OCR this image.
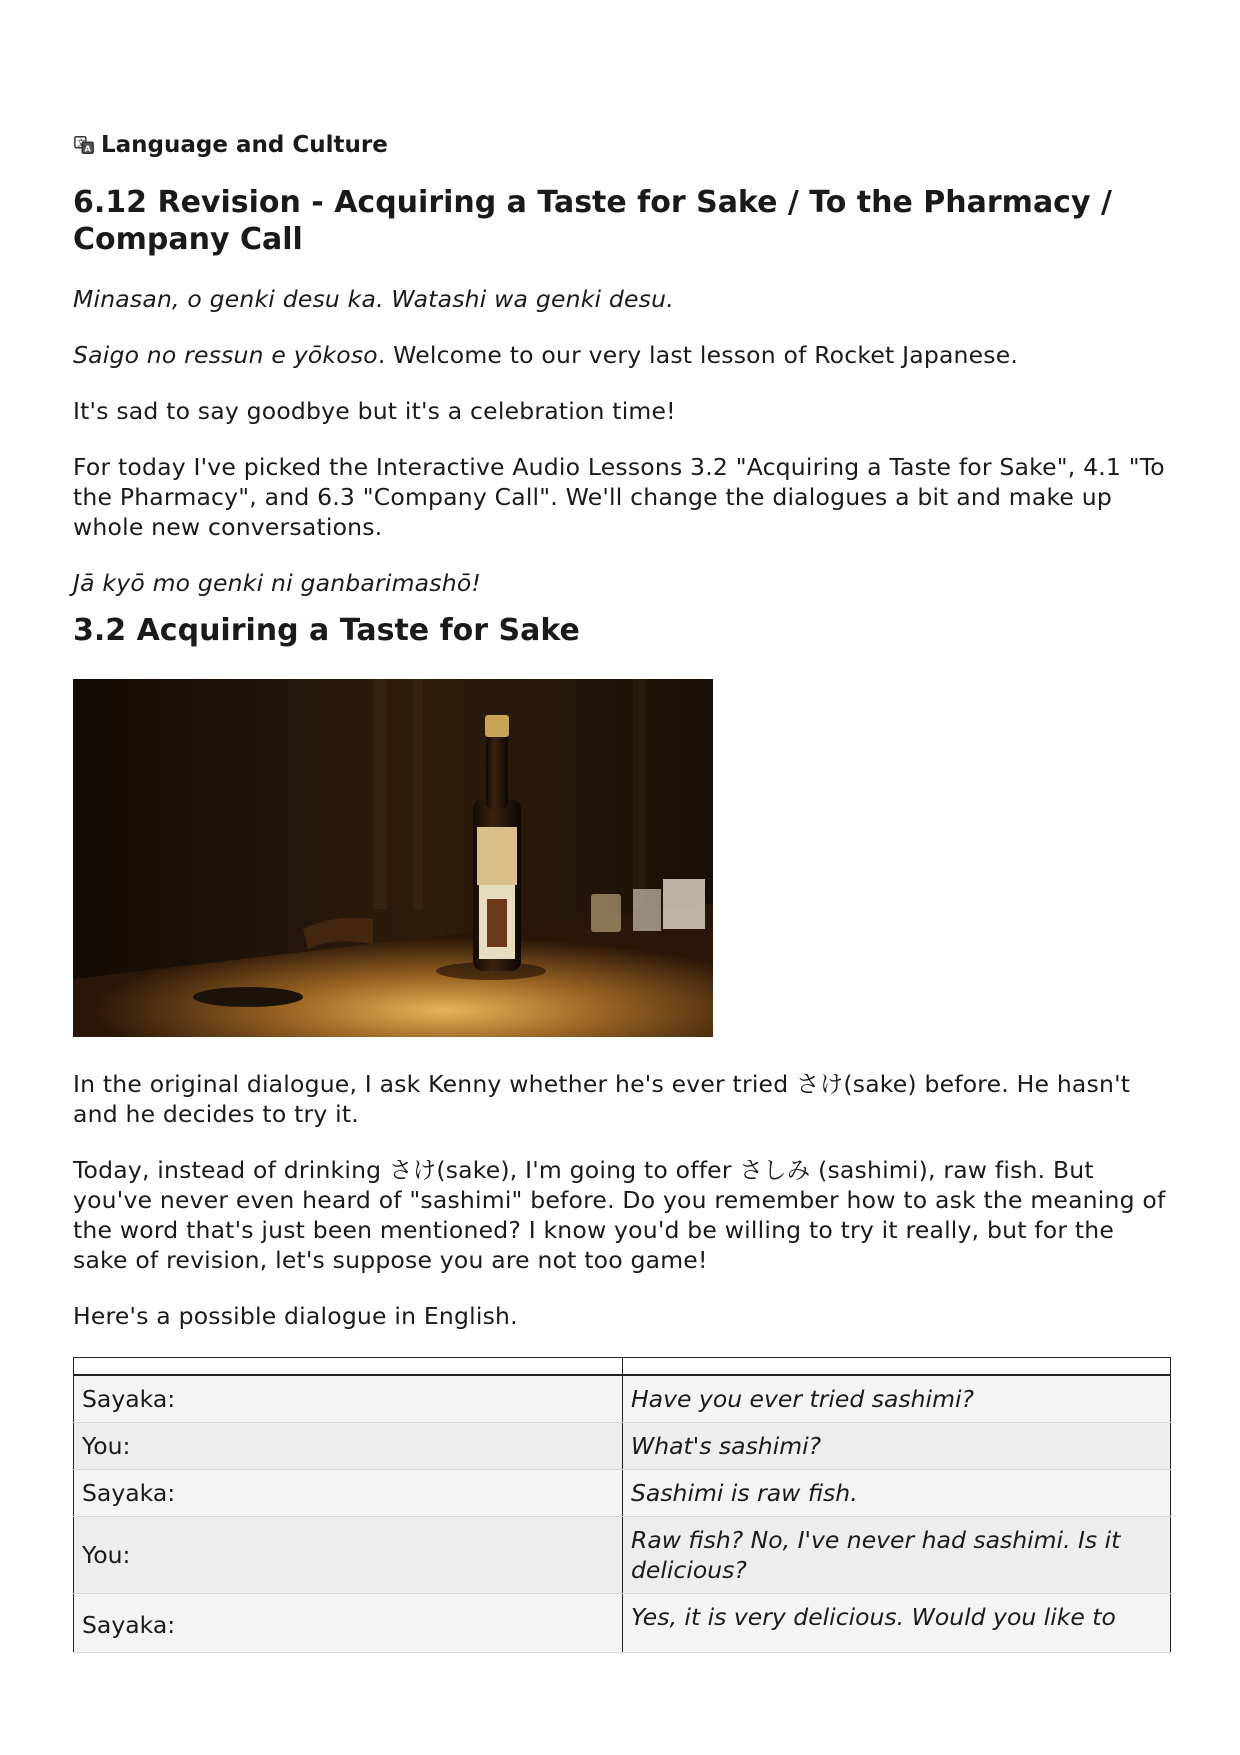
文
A Language and Culture
6.12 Revision - Acquiring a Taste for Sake / To the Pharmacy / Company Call

Minasan, o genki desu ka. Watashi wa genki desu.

Saigo no ressun e yōkoso. Welcome to our very last lesson of Rocket Japanese.

It's sad to say goodbye but it's a celebration time!

For today I've picked the Interactive Audio Lessons 3.2 "Acquiring a Taste for Sake", 4.1 "To the Pharmacy", and 6.3 "Company Call". We'll change the dialogues a bit and make up whole new conversations.

Jā kyō mo genki ni ganbarimashō!

3.2 Acquiring a Taste for Sake

In the original dialogue, I ask Kenny whether he's ever tried さけ(sake) before. He hasn't and he decides to try it.

Today, instead of drinking さけ(sake), I'm going to offer さしみ (sashimi), raw fish. But you've never even heard of "sashimi" before. Do you remember how to ask the meaning of the word that's just been mentioned? I know you'd be willing to try it really, but for the sake of revision, let's suppose you are not too game!

Here's a possible dialogue in English.

Sayaka:	Have you ever tried sashimi?
You:	What's sashimi?
Sayaka:	Sashimi is raw fish.
You:	Raw fish? No, I've never had sashimi. Is it delicious?
Sayaka:	Yes, it is very delicious. Would you like to
